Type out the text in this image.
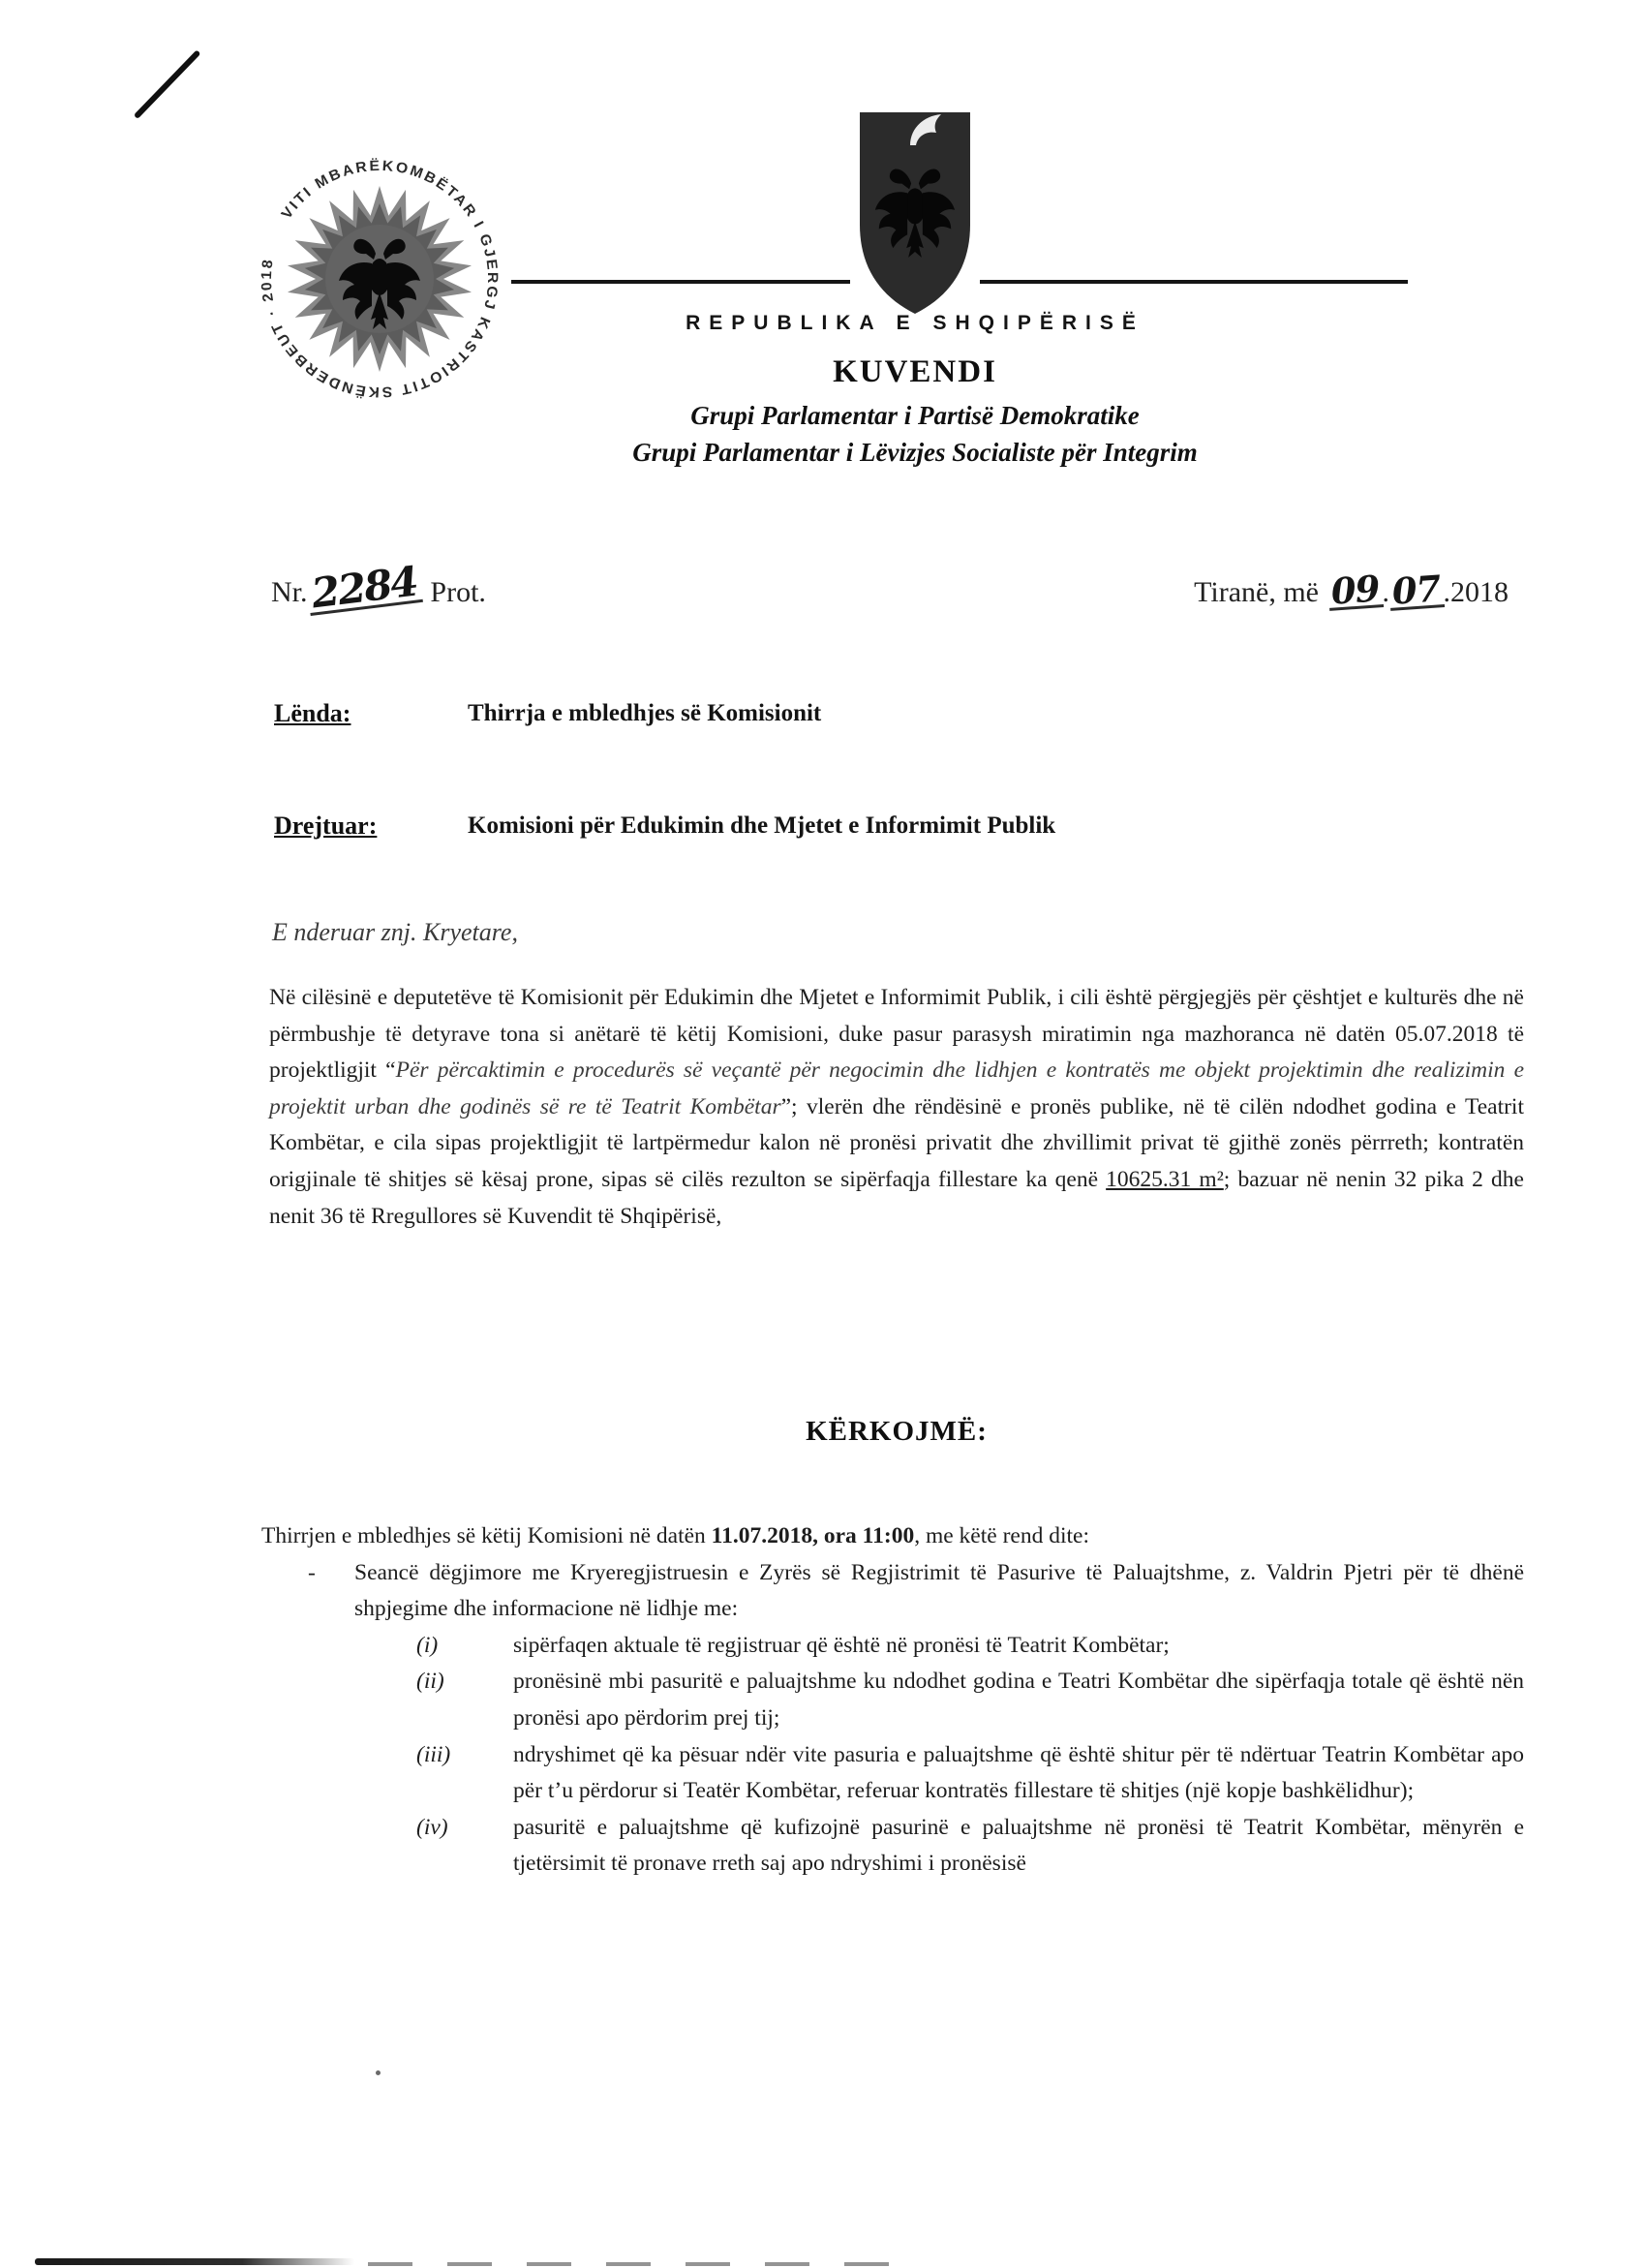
VITI MBARËKOMBËTAR I GJERGJ KASTRIOTIT SKËNDERBEUT · 2018
REPUBLIKA E SHQIPËRISË
KUVENDI
Grupi Parlamentar i Partisë Demokratike
Grupi Parlamentar i Lëvizjes Socialiste për Integrim
Nr. 2284 Prot.	Tiranë, më 09 . 07 .2018
Lënda:	Thirrja e mbledhjes së Komisionit
Drejtuar:	Komisioni për Edukimin dhe Mjetet e Informimit Publik
E nderuar znj. Kryetare,
Në cilësinë e deputetëve të Komisionit për Edukimin dhe Mjetet e Informimit Publik, i cili është përgjegjës për çështjet e kulturës dhe në përmbushje të detyrave tona si anëtarë të këtij Komisioni, duke pasur parasysh miratimin nga mazhoranca në datën 05.07.2018 të projektligjit “Për përcaktimin e procedurës së veçantë për negocimin dhe lidhjen e kontratës me objekt projektimin dhe realizimin e projektit urban dhe godinës së re të Teatrit Kombëtar”; vlerën dhe rëndësinë e pronës publike, në të cilën ndodhet godina e Teatrit Kombëtar, e cila sipas projektligjit të lartpërmedur kalon në pronësi privatit dhe zhvillimit privat të gjithë zonës përrreth; kontratën origjinale të shitjes së kësaj prone, sipas së cilës rezulton se sipërfaqja fillestare ka qenë 10625.31 m²; bazuar në nenin 32 pika 2 dhe nenit 36 të Rregullores së Kuvendit të Shqipërisë,
KËRKOJMË:

Thirrjen e mbledhjes së këtij Komisioni në datën 11.07.2018, ora 11:00, me këtë rend dite:

-	Seancë dëgjimore me Kryeregjistruesin e Zyrës së Regjistrimit të Pasurive të Paluajtshme, z. Valdrin Pjetri për të dhënë shpjegime dhe informacione në lidhje me:
(i)	sipërfaqen aktuale të regjistruar që është në pronësi të Teatrit Kombëtar;
(ii)	pronësinë mbi pasuritë e paluajtshme ku ndodhet godina e Teatri Kombëtar dhe sipërfaqja totale që është nën pronësi apo përdorim prej tij;
(iii)	ndryshimet që ka pësuar ndër vite pasuria e paluajtshme që është shitur për të ndërtuar Teatrin Kombëtar apo për t’u përdorur si Teatër Kombëtar, referuar kontratës fillestare të shitjes (një kopje bashkëlidhur);
(iv)	pasuritë e paluajtshme që kufizojnë pasurinë e paluajtshme në pronësi të Teatrit Kombëtar, mënyrën e tjetërsimit të pronave rreth saj apo ndryshimi i pronësisë
